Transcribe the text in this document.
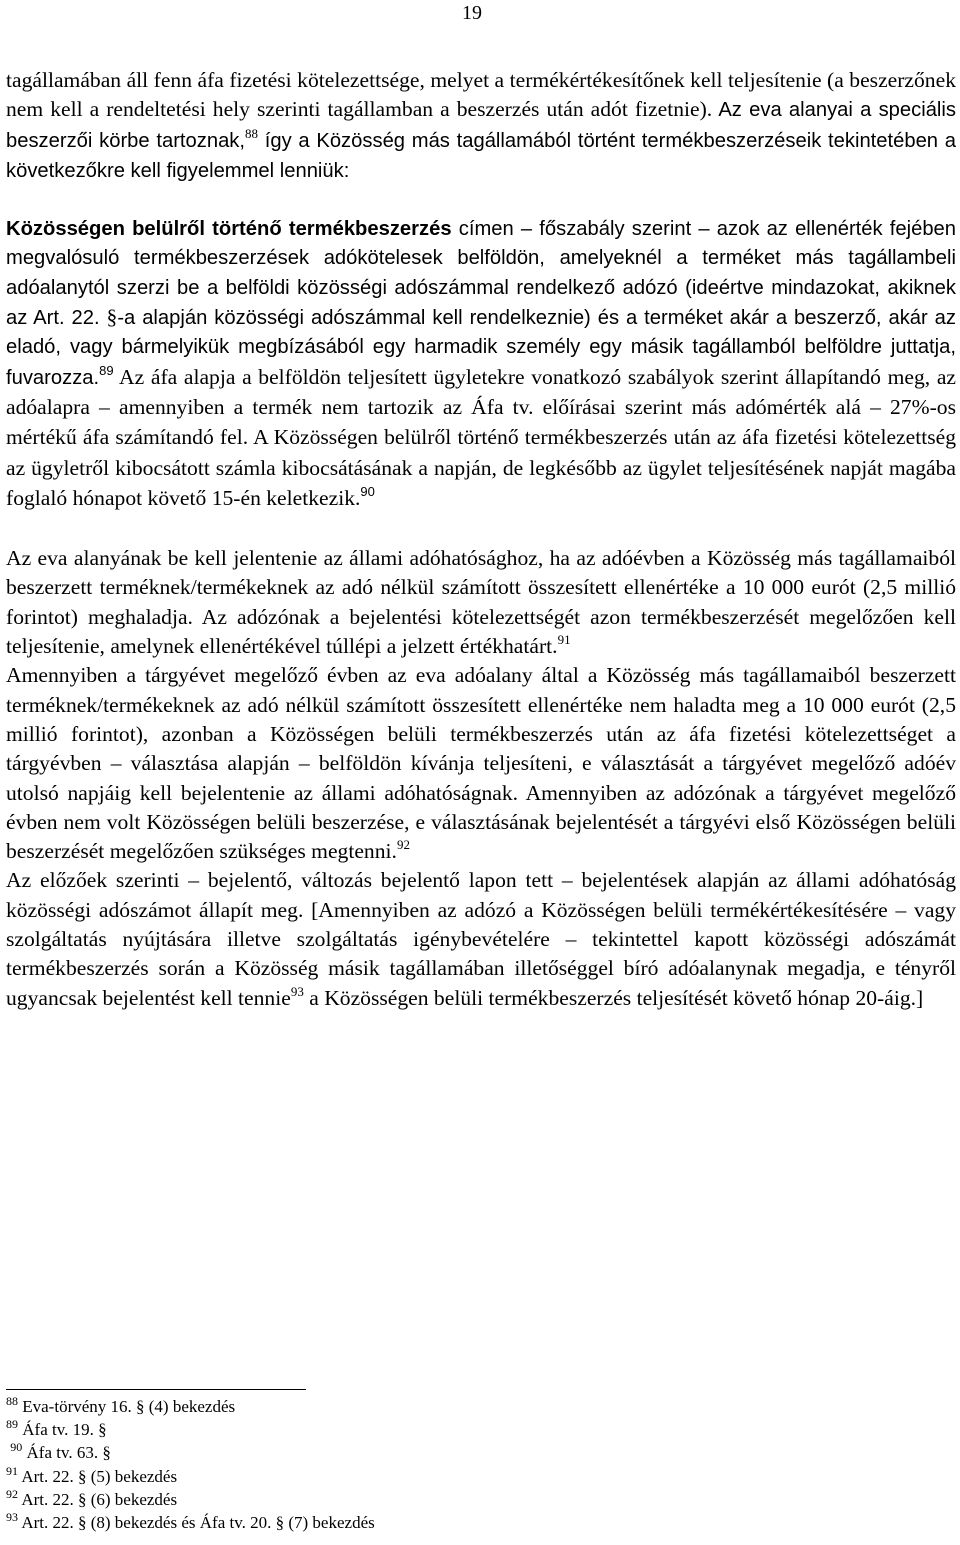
19

tagállamában áll fenn áfa fizetési kötelezettsége, melyet a termékértékesítőnek kell teljesítenie (a beszerzőnek nem kell a rendeltetési hely szerinti tagállamban a beszerzés után adót fizetnie). Az eva alanyai a speciális beszerzői körbe tartoznak,$^{88}$ így a Közösség más tagállamából történt termékbeszerzéseik tekintetében a következőkre kell figyelemmel lenniük:

Közösségen belülről történő termékbeszerzés címen – főszabály szerint – azok az ellenérték fejében megvalósuló termékbeszerzések adókötelesek belföldön, amelyeknél a terméket más tagállambeli adóalanytól szerzi be a belföldi közösségi adószámmal rendelkező adózó (ideértve mindazokat, akiknek az Art. 22. §-a alapján közösségi adószámmal kell rendelkeznie) és a terméket akár a beszerző, akár az eladó, vagy bármelyikük megbízásából egy harmadik személy egy másik tagállamból belföldre juttatja, fuvarozza.$^{89}$ Az áfa alapja a belföldön teljesített ügyletekre vonatkozó szabályok szerint állapítandó meg, az adóalapra – amennyiben a termék nem tartozik az Áfa tv. előírásai szerint más adómérték alá – 27%-os mértékű áfa számítandó fel. A Közösségen belülről történő termékbeszerzés után az áfa fizetési kötelezettség az ügyletről kibocsátott számla kibocsátásának a napján, de legkésőbb az ügylet teljesítésének napját magába foglaló hónapot követő 15-én keletkezik.$^{90}$

Az eva alanyának be kell jelentenie az állami adóhatósághoz, ha az adóévben a Közösség más tagállamaiból beszerzett terméknek/termékeknek az adó nélkül számított összesített ellenértéke a 10 000 eurót (2,5 millió forintot) meghaladja. Az adózónak a bejelentési kötelezettségét azon termékbeszerzését megelőzően kell teljesítenie, amelynek ellenértékével túllépi a jelzett értékhatárt.$^{91}$

Amennyiben a tárgyévet megelőző évben az eva adóalany által a Közösség más tagállamaiból beszerzett terméknek/termékeknek az adó nélkül számított összesített ellenértéke nem haladta meg a 10 000 eurót (2,5 millió forintot), azonban a Közösségen belüli termékbeszerzés után az áfa fizetési kötelezettséget a tárgyévben – választása alapján – belföldön kívánja teljesíteni, e választását a tárgyévet megelőző adóév utolsó napjáig kell bejelentenie az állami adóhatóságnak. Amennyiben az adózónak a tárgyévet megelőző évben nem volt Közösségen belüli beszerzése, e választásának bejelentését a tárgyévi első Közösségen belüli beszerzését megelőzően szükséges megtenni.$^{92}$

Az előzőek szerinti – bejelentő, változás bejelentő lapon tett – bejelentések alapján az állami adóhatóság közösségi adószámot állapít meg. [Amennyiben az adózó a Közösségen belüli termékértékesítésére – vagy szolgáltatás nyújtására illetve szolgáltatás igénybevételére – tekintettel kapott közösségi adószámát termékbeszerzés során a Közösség másik tagállamában illetőséggel bíró adóalanynak megadja, e tényről ugyancsak bejelentést kell tennie$^{93}$ a Közösségen belüli termékbeszerzés teljesítését követő hónap 20-áig.]

$^{88}$ Eva-törvény 16. § (4) bekezdés
$^{89}$ Áfa tv. 19. §
$^{90}$ Áfa tv. 63. §
$^{91}$ Art. 22. § (5) bekezdés
$^{92}$ Art. 22. § (6) bekezdés
$^{93}$ Art. 22. § (8) bekezdés és Áfa tv. 20. § (7) bekezdés
